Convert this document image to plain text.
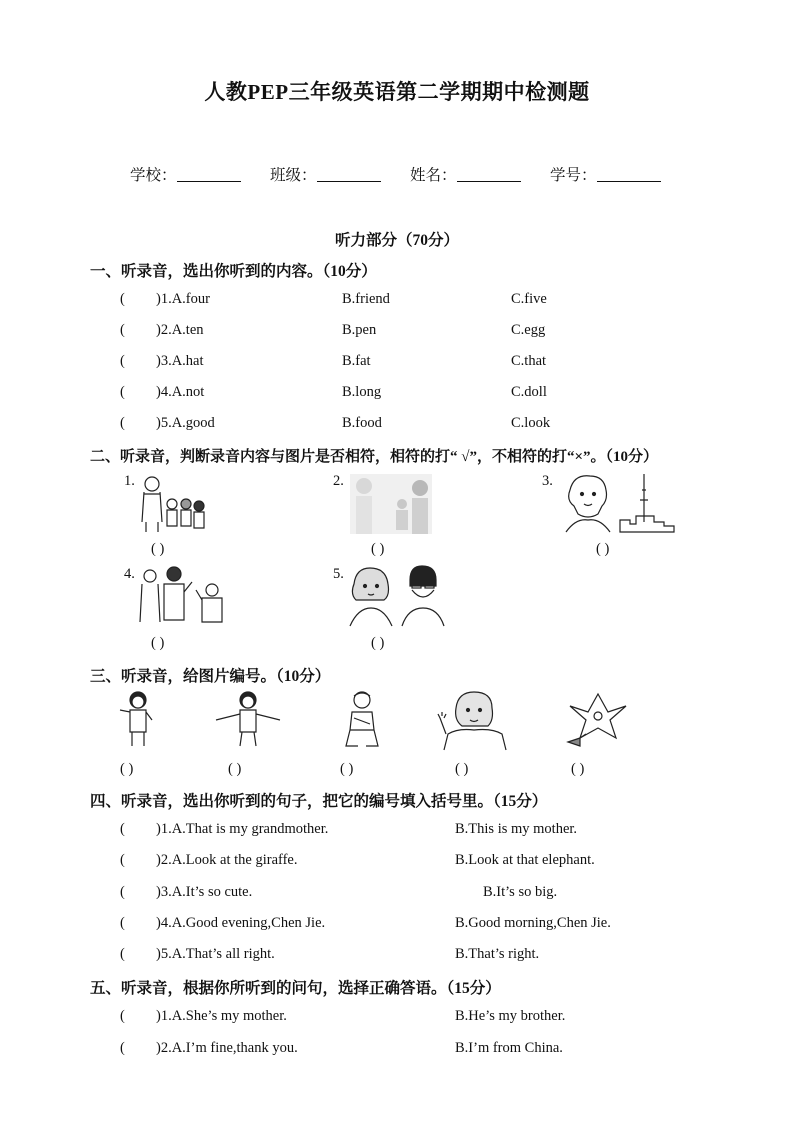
人教PEP三年级英语第二学期期中检测题
学校：	班级：	姓名：	学号：
听力部分（70分）
一、听录音，选出你听到的内容。（10分）
( )1.A.four	B.friend	C.five
( )2.A.ten	B.pen	C.egg
( )3.A.hat	B.fat	C.that
( )4.A.not	B.long	C.doll
( )5.A.good	B.food	C.look
二、听录音，判断录音内容与图片是否相符，相符的打“ √”，不相符的打“×”。（10分）
1.
( )
2.
( )
3.
( )
4.
( )
5.
( )
三、听录音，给图片编号。（10分）
( )	( )	( )	( )	( )
四、听录音，选出你听到的句子，把它的编号填入括号里。（15分）
( )1.A.That is my grandmother.	B.This is my mother.
( )2.A.Look at the giraffe.	B.Look at that elephant.
( )3.A.It’s so cute.	B.It’s so big.
( )4.A.Good evening,Chen Jie.	B.Good morning,Chen Jie.
( )5.A.That’s all right.	B.That’s right.
五、听录音，根据你所听到的问句，选择正确答语。（15分）
( )1.A.She’s my mother.	B.He’s my brother.
( )2.A.I’m fine,thank you.	B.I’m from China.
